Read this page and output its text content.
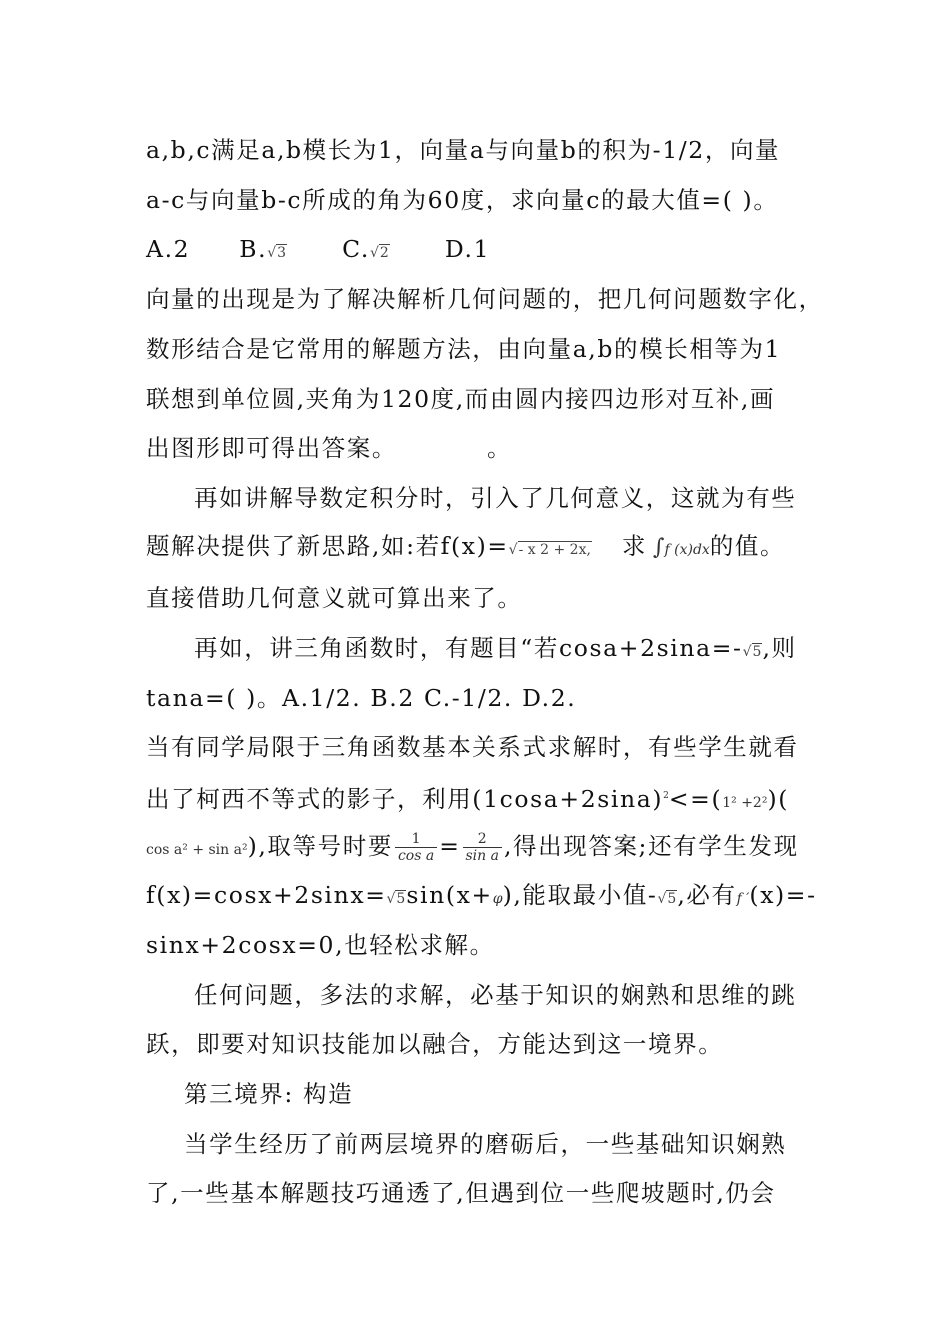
a,b,c满足a,b模长为1，向量a与向量b的积为-1/2，向量
a-c与向量b-c所成的角为60度，求向量c的最大值=( )。
A.2 B.√3 C.√2 D.1
向量的出现是为了解决解析几何问题的，把几何问题数字化，
数形结合是它常用的解题方法，由向量a,b的模长相等为1
联想到单位圆,夹角为120度,而由圆内接四边形对互补,画
出图形即可得出答案。	。
再如讲解导数定积分时，引入了几何意义，这就为有些
题解决提供了新思路,如:若f(x)=√- x 2 + 2x, 求 ∫f (x)dx的值。
直接借助几何意义就可算出来了。
再如，讲三角函数时，有题目“若cosa+2sina=-√5,则
tana=( )。A.1/2. B.2 C.-1/2. D.2.
当有同学局限于三角函数基本关系式求解时，有些学生就看
出了柯西不等式的影子，利用$(1\cos a+2\sin a)^2<=(1^2 +2^2)$(
cos a² + sin a²),取等号时要 $\frac{1}{\text{cos a}} = \frac{2}{\text{sin a}}$ ,得出现答案;还有学生发现
f(x)=cosx+2sinx=√5sin(x+φ),能取最小值-√5,必有f ′(x)=-
sinx+2cosx=0,也轻松求解。
任何问题，多法的求解，必基于知识的娴熟和思维的跳
跃，即要对知识技能加以融合，方能达到这一境界。
第三境界: 构造
当学生经历了前两层境界的磨砺后，一些基础知识娴熟
了,一些基本解题技巧通透了,但遇到位一些爬坡题时,仍会
